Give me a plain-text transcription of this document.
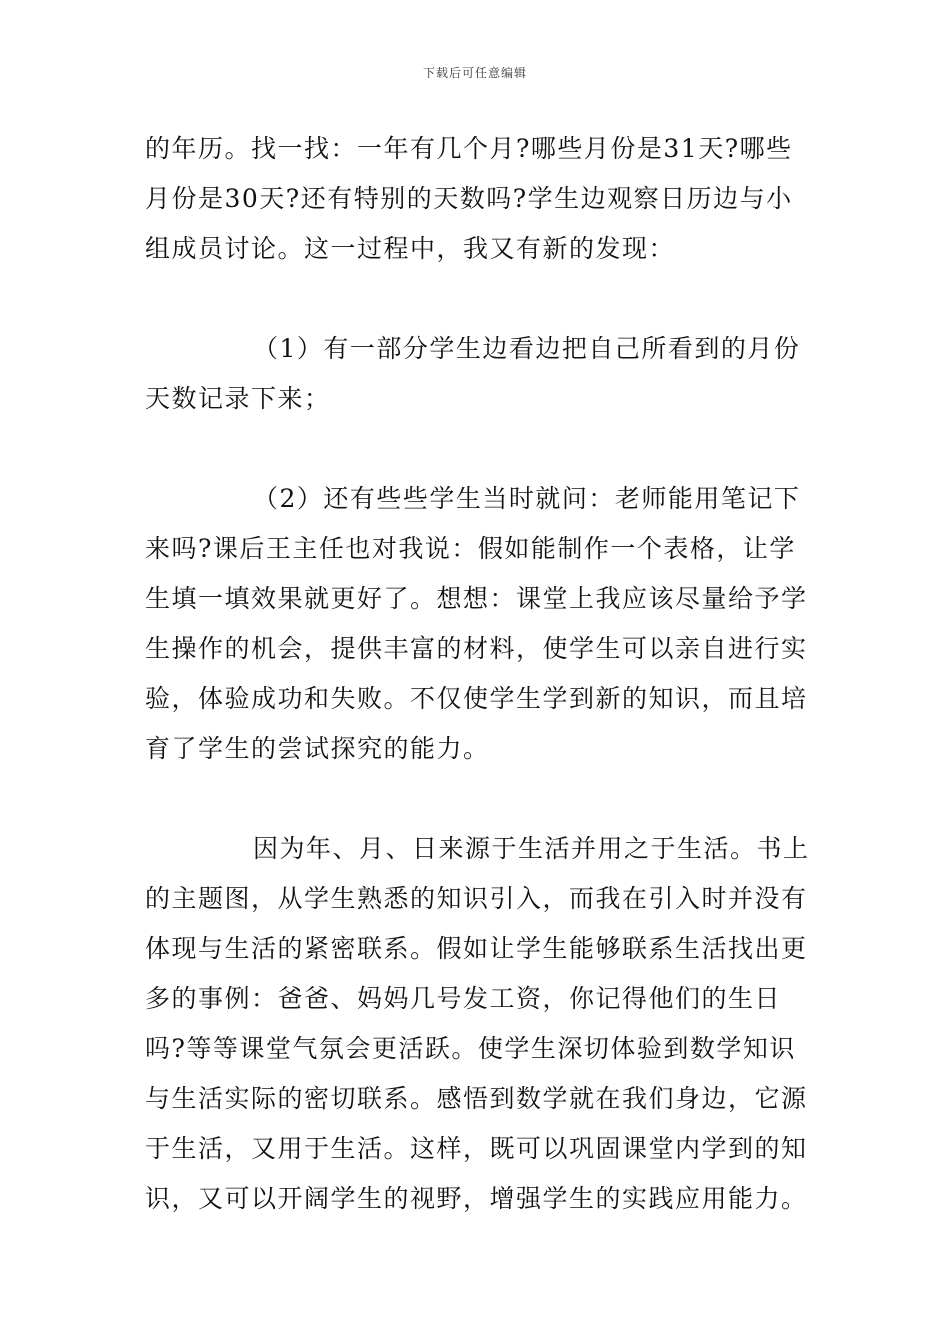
下载后可任意编辑

的年历。找一找：一年有几个月?哪些月份是31天?哪些月份是30天?还有特别的天数吗?学生边观察日历边与小组成员讨论。这一过程中，我又有新的发现：

（1）有一部分学生边看边把自己所看到的月份天数记录下来；

（2）还有些些学生当时就问：老师能用笔记下来吗?课后王主任也对我说：假如能制作一个表格，让学生填一填效果就更好了。想想：课堂上我应该尽量给予学生操作的机会，提供丰富的材料，使学生可以亲自进行实验，体验成功和失败。不仅使学生学到新的知识，而且培育了学生的尝试探究的能力。

因为年、月、日来源于生活并用之于生活。书上的主题图，从学生熟悉的知识引入，而我在引入时并没有体现与生活的紧密联系。假如让学生能够联系生活找出更多的事例：爸爸、妈妈几号发工资，你记得他们的生日吗?等等课堂气氛会更活跃。使学生深切体验到数学知识与生活实际的密切联系。感悟到数学就在我们身边，它源于生活，又用于生活。这样，既可以巩固课堂内学到的知识，又可以开阔学生的视野，增强学生的实践应用能力。
